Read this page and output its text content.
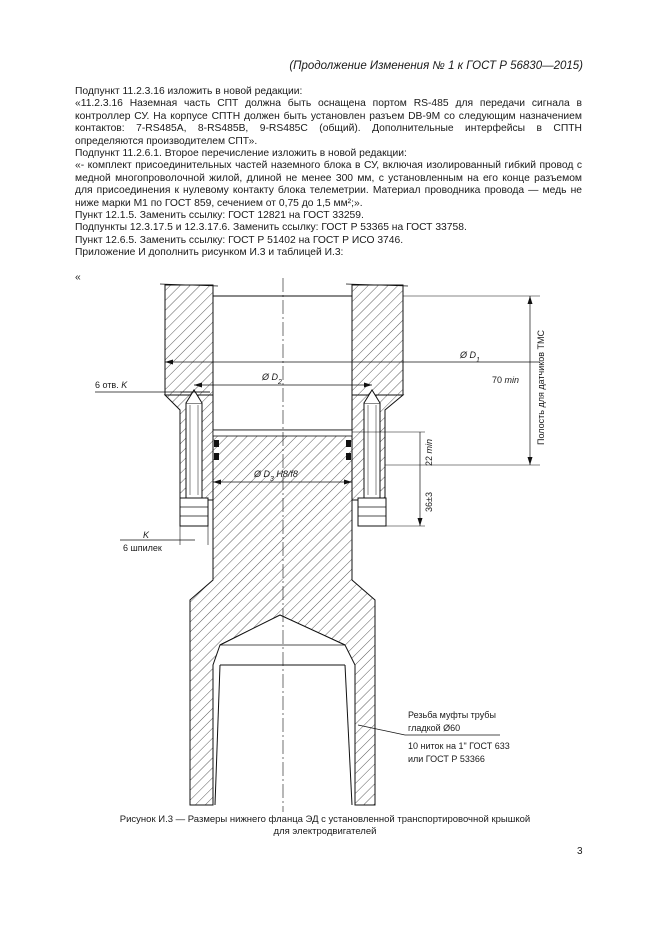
(Продолжение Изменения № 1 к ГОСТ Р 56830—2015)

Подпункт 11.2.3.16 изложить в новой редакции:

«11.2.3.16 Наземная часть СПТ должна быть оснащена портом RS-485 для передачи сигнала в контроллер СУ. На корпусе СПТН должен быть установлен разъем DB-9M со следующим назначением контактов: 7-RS485A, 8-RS485B, 9-RS485C (общий). Дополнительные интерфейсы в СПТН определяются производителем СПТ».

Подпункт 11.2.6.1. Второе перечисление изложить в новой редакции:

«- комплект присоединительных частей наземного блока в СУ, включая изолированный гибкий провод с медной многопроволочной жилой, длиной не менее 300 мм, с установленным на его конце разъемом для присоединения к нулевому контакту блока телеметрии. Материал проводника провода — медь не ниже марки М1 по ГОСТ 859, сечением от 0,75 до 1,5 мм²;».

Пункт 12.1.5. Заменить ссылку: ГОСТ 12821 на ГОСТ 33259.

Подпункты 12.3.17.5 и 12.3.17.6. Заменить ссылку: ГОСТ Р 53365 на ГОСТ 33758.

Пункт 12.6.5. Заменить ссылку: ГОСТ Р 51402 на ГОСТ Р ИСО 3746.

Приложение И дополнить рисунком И.3 и таблицей И.3:

«
Ø $D_1$
Ø $D_2$
Ø $D_3$ H8/f8
6 отв. K
K
6 шпилек
Полость для датчиков ТМС
70 min
22 min
36±3
Резьба муфты трубы
гладкой Ø60
10 ниток на 1" ГОСТ 633
или ГОСТ Р 53366
Рисунок И.3 — Размеры нижнего фланца ЭД с установленной транспортировочной крышкой
для электродвигателей
3
